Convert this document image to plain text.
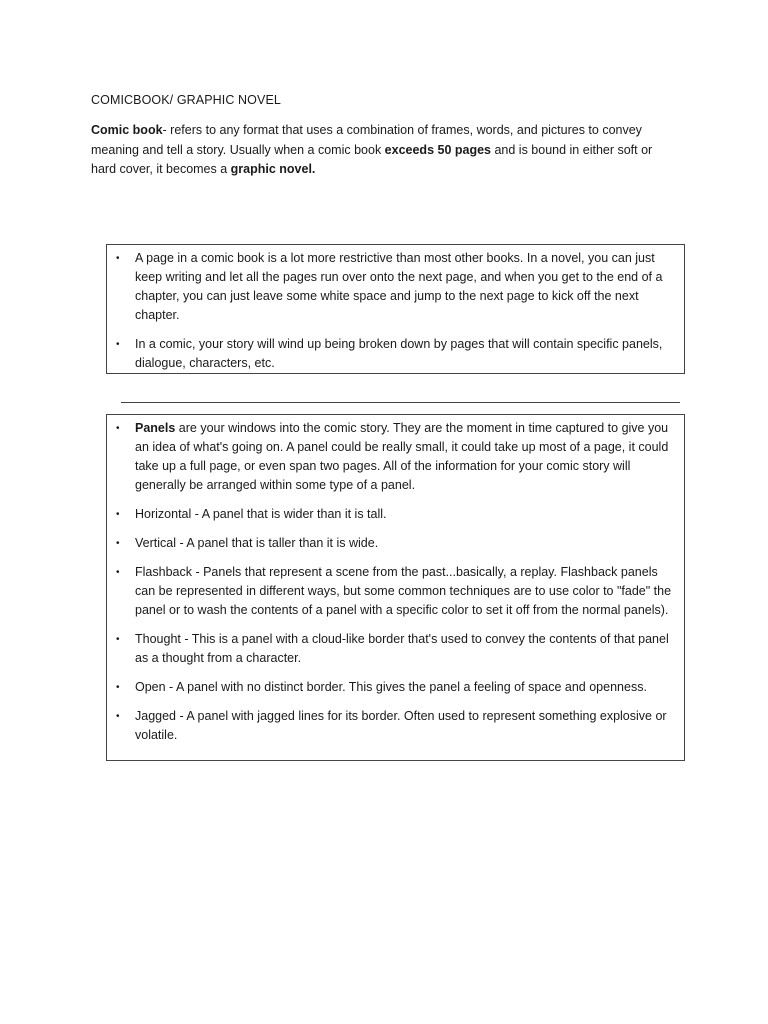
COMICBOOK/ GRAPHIC NOVEL
Comic book- refers to any format that uses a combination of frames, words, and pictures to convey meaning and tell a story. Usually when a comic book exceeds 50 pages and is bound in either soft or hard cover, it becomes a graphic novel.
• A page in a comic book is a lot more restrictive than most other books. In a novel, you can just keep writing and let all the pages run over onto the next page, and when you get to the end of a chapter, you can just leave some white space and jump to the next page to kick off the next chapter.
• In a comic, your story will wind up being broken down by pages that will contain specific panels, dialogue, characters, etc.
• Panels are your windows into the comic story. They are the moment in time captured to give you an idea of what's going on. A panel could be really small, it could take up most of a page, it could take up a full page, or even span two pages. All of the information for your comic story will generally be arranged within some type of a panel.
• Horizontal - A panel that is wider than it is tall.
• Vertical - A panel that is taller than it is wide.
• Flashback - Panels that represent a scene from the past...basically, a replay. Flashback panels can be represented in different ways, but some common techniques are to use color to "fade" the panel or to wash the contents of a panel with a specific color to set it off from the normal panels).
• Thought - This is a panel with a cloud-like border that's used to convey the contents of that panel as a thought from a character.
• Open - A panel with no distinct border. This gives the panel a feeling of space and openness.
• Jagged - A panel with jagged lines for its border. Often used to represent something explosive or volatile.
